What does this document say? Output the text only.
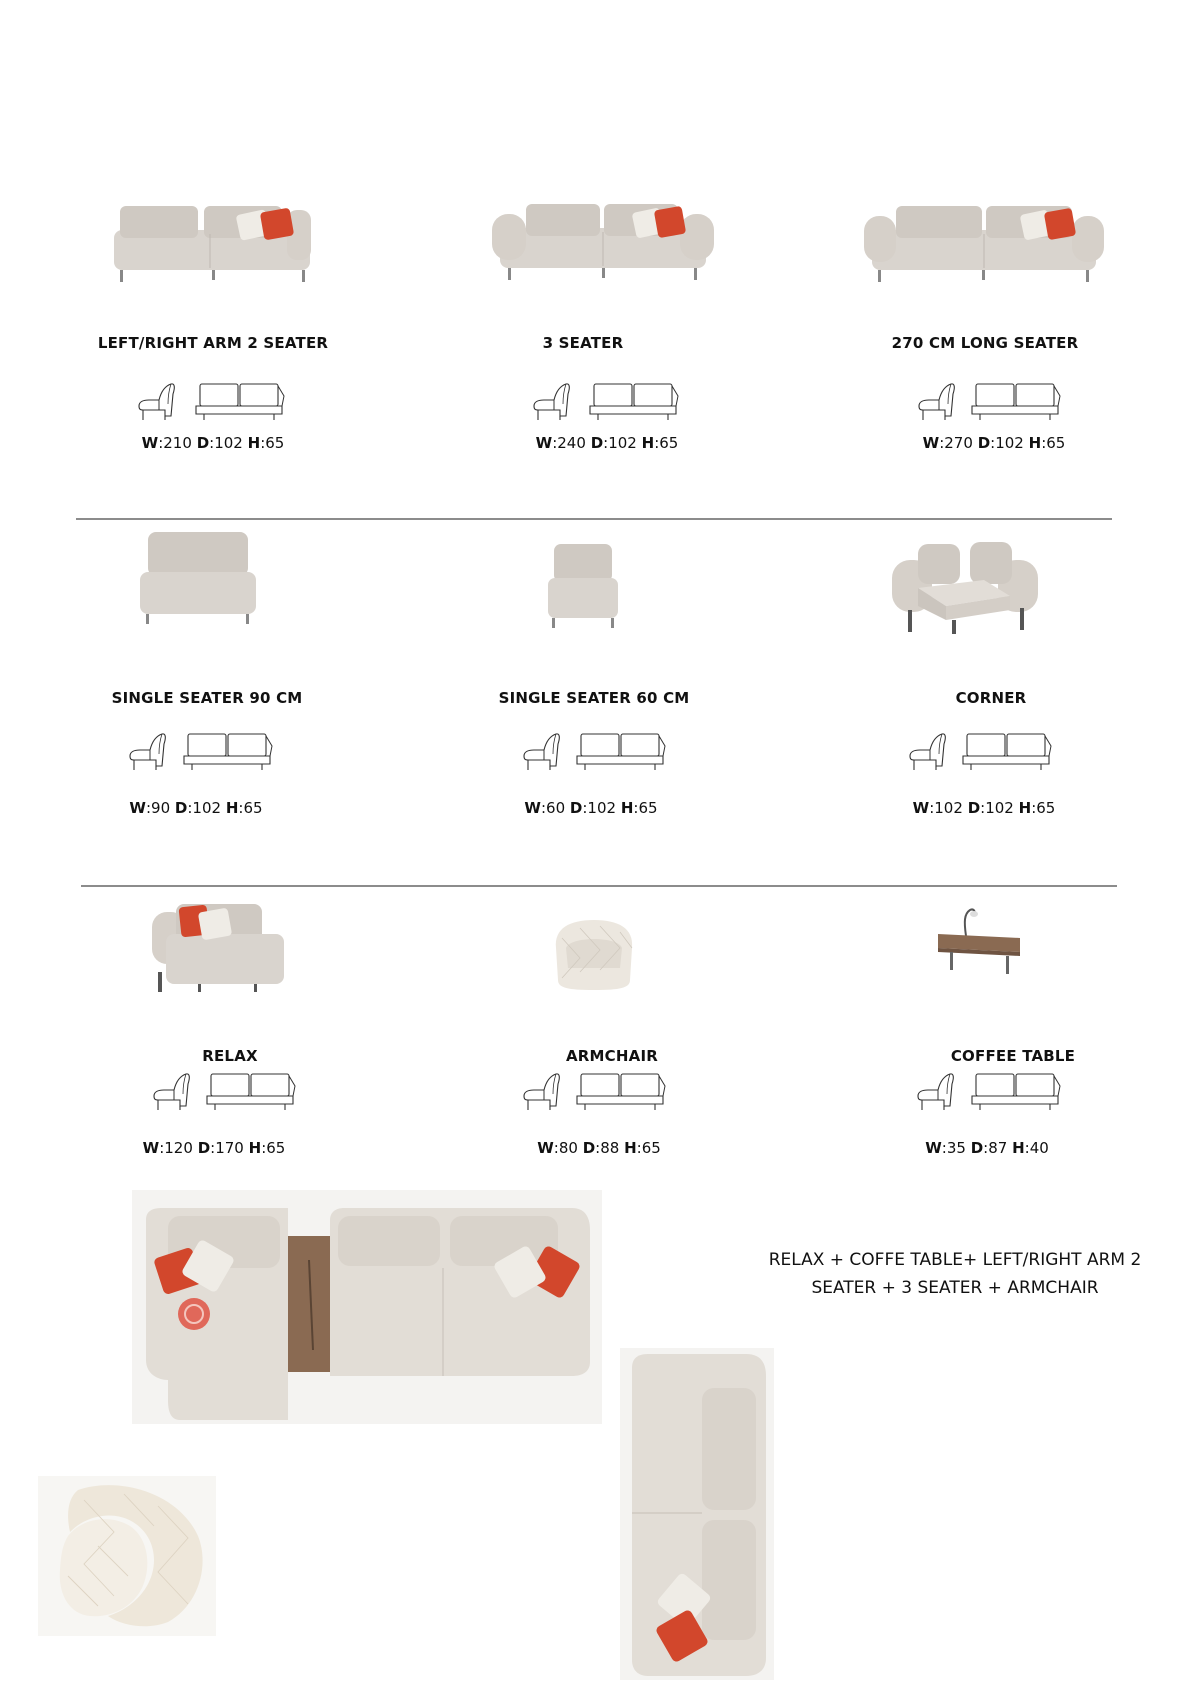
LEFT/RIGHT ARM 2 SEATER
W:210 D:102 H:65
3 SEATER
W:240 D:102 H:65
270 CM LONG SEATER
W:270 D:102 H:65
SINGLE SEATER 90 CM
W:90 D:102 H:65
SINGLE SEATER 60 CM
W:60 D:102 H:65
CORNER
W:102 D:102 H:65
RELAX
W:120 D:170 H:65
ARMCHAIR
W:80 D:88 H:65
COFFEE TABLE
W:35 D:87 H:40
RELAX + COFFE TABLE+ LEFT/RIGHT ARM 2
SEATER + 3 SEATER + ARMCHAIR
